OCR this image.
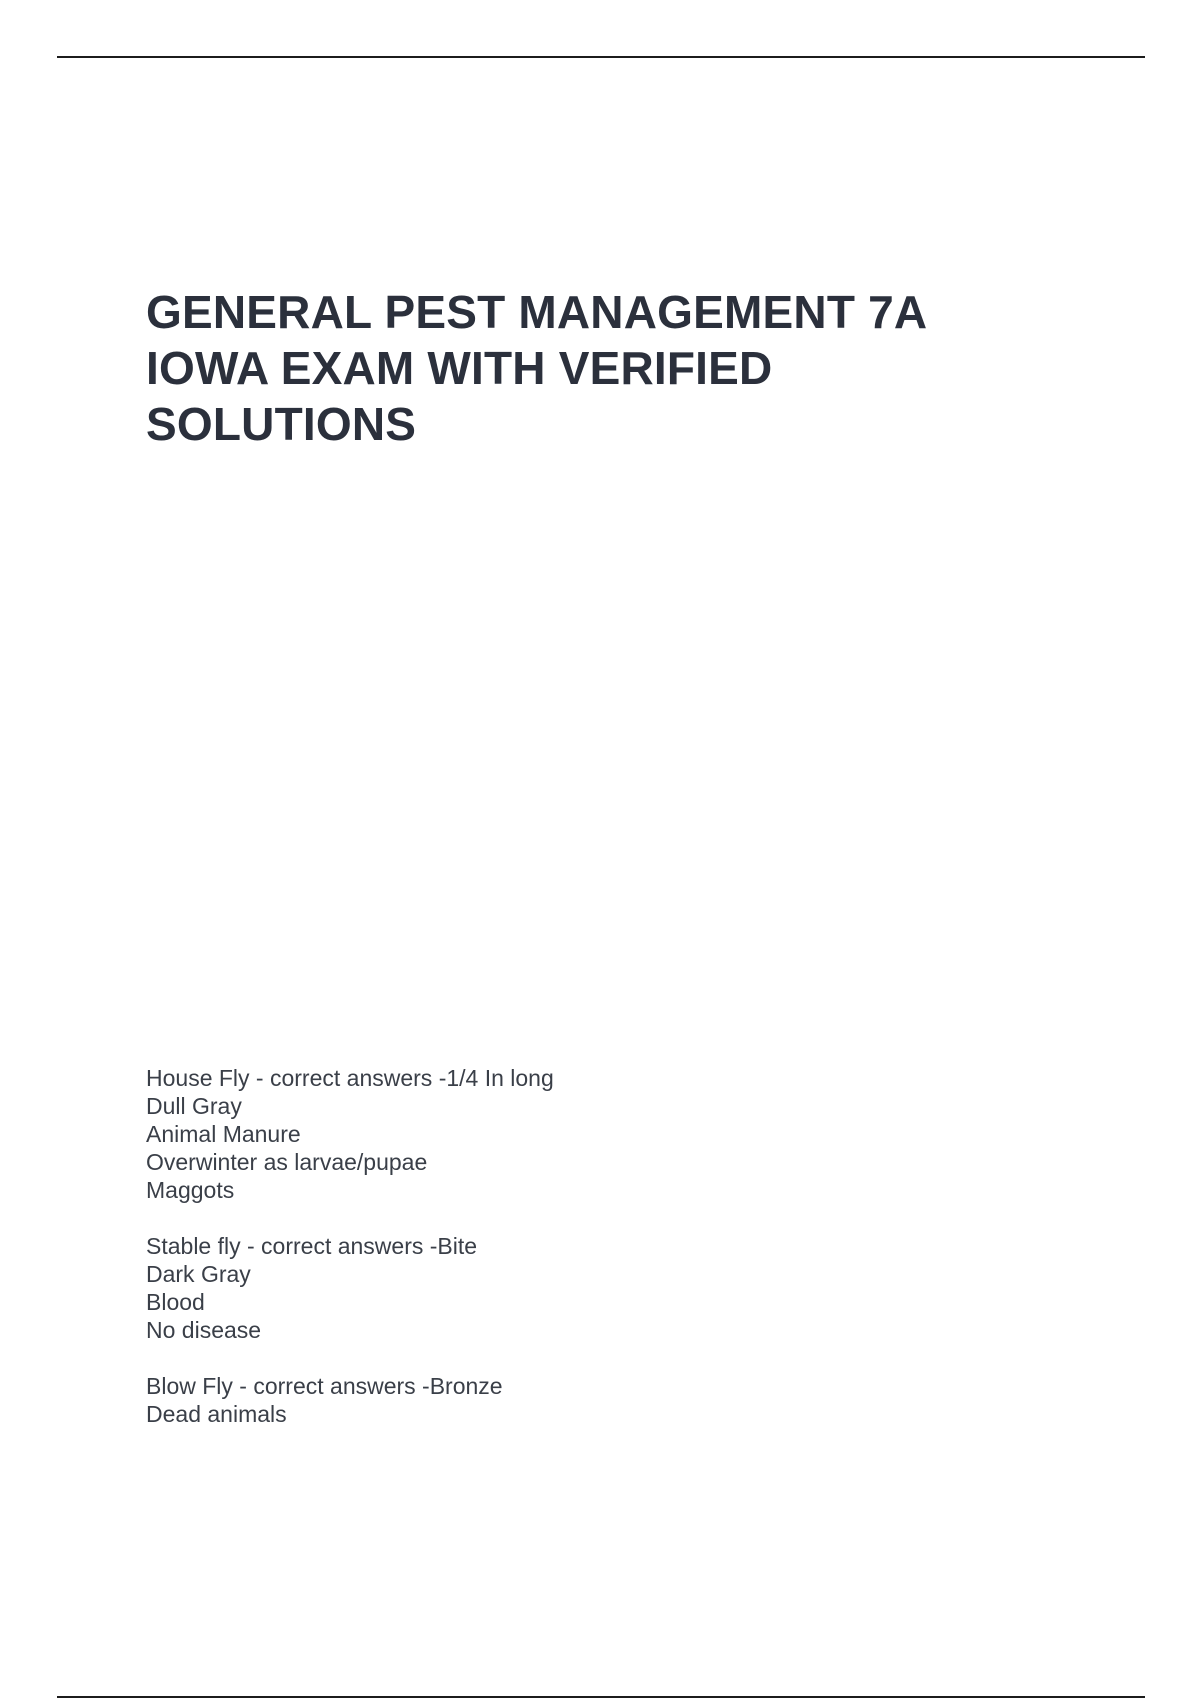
GENERAL PEST MANAGEMENT 7A
IOWA EXAM WITH VERIFIED
SOLUTIONS
House Fly - correct answers -1/4 In long
Dull Gray
Animal Manure
Overwinter as larvae/pupae
Maggots
Stable fly - correct answers -Bite
Dark Gray
Blood
No disease
Blow Fly - correct answers -Bronze
Dead animals
